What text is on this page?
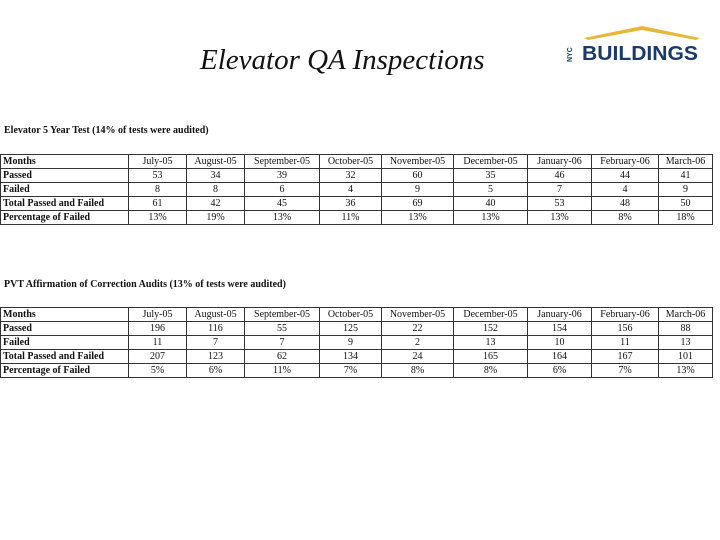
Elevator QA Inspections	NYC BUILDINGS
Elevator 5 Year Test (14% of tests were audited)
Months	July-05	August-05	September-05	October-05	November-05	December-05	January-06	February-06	March-06
Passed	53	34	39	32	60	35	46	44	41
Failed	8	8	6	4	9	5	7	4	9
Total Passed and Failed	61	42	45	36	69	40	53	48	50
Percentage of Failed	13%	19%	13%	11%	13%	13%	13%	8%	18%
PVT Affirmation of Correction Audits (13% of tests were audited)
Months	July-05	August-05	September-05	October-05	November-05	December-05	January-06	February-06	March-06
Passed	196	116	55	125	22	152	154	156	88
Failed	11	7	7	9	2	13	10	11	13
Total Passed and Failed	207	123	62	134	24	165	164	167	101
Percentage of Failed	5%	6%	11%	7%	8%	8%	6%	7%	13%
